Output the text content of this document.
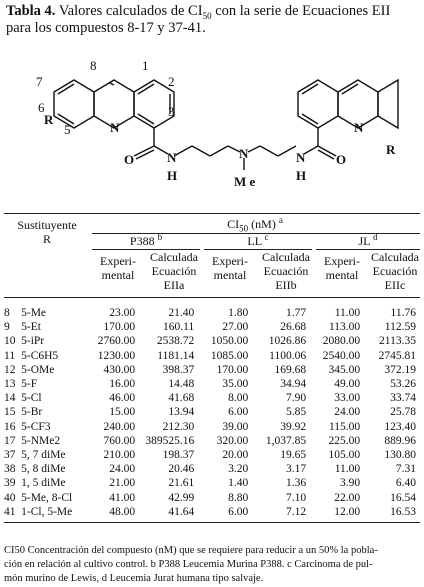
Tabla 4. Valores calculados de $CI_{50}$ con la serie de Ecuaciones EII
para los compuestos 8-17 y 37-41.
8	1
2
3
5
6
7
R
N
O	N
H
N
M e
N
H
O
N
R
Sustituyente
R
$CI_{50}$ (nM) $^a$
P388 $^b$	LL $^c$	JL $^d$
Experi-
mental
Calculada
Ecuación
EIIa
Experi-
mental
Calculada
Ecuación
EIIb
Experi-
mental
Calculada
Ecuación
EIIc
8	5-Me	23.00	21.40	1.80	1.77	11.00	11.76
9	5-Et	170.00	160.11	27.00	26.68	113.00	112.59
10	5-iPr	2760.00	2538.72	1050.00	1026.86	2080.00	2113.35
11	5-C6H5	1230.00	1181.14	1085.00	1100.06	2540.00	2745.81
12	5-OMe	430.00	398.37	170.00	169.68	345.00	372.19
13	5-F	16.00	14.48	35.00	34.94	49.00	53.26
14	5-Cl	46.00	41.68	8.00	7.90	33.00	33.74
15	5-Br	15.00	13.94	6.00	5.85	24.00	25.78
16	5-CF3	240.00	212.30	39.00	39.92	115.00	123.40
17	5-NMe2	760.00	389525.16	320.00	1,037.85	225.00	889.96
37	5, 7 diMe	210.00	198.37	20.00	19.65	105.00	130.80
38	5, 8 diMe	24.00	20.46	3.20	3.17	11.00	7.31
39	1, 5 diMe	21.00	21.61	1.40	1.36	3.90	6.40
40	5-Me, 8-Cl	41.00	42.99	8.80	7.10	22.00	16.54
41	1-Cl, 5-Me	48.00	41.64	6.00	7.12	12.00	16.53
CI50 Concentración del compuesto (nM) que se requiere para reducir a un 50% la pobla-
ción en relación al cultivo control. b P388 Leucemia Murina P388. c Carcinoma de pul-
món murino de Lewis, d Leucemia Jurat humana tipo salvaje.
